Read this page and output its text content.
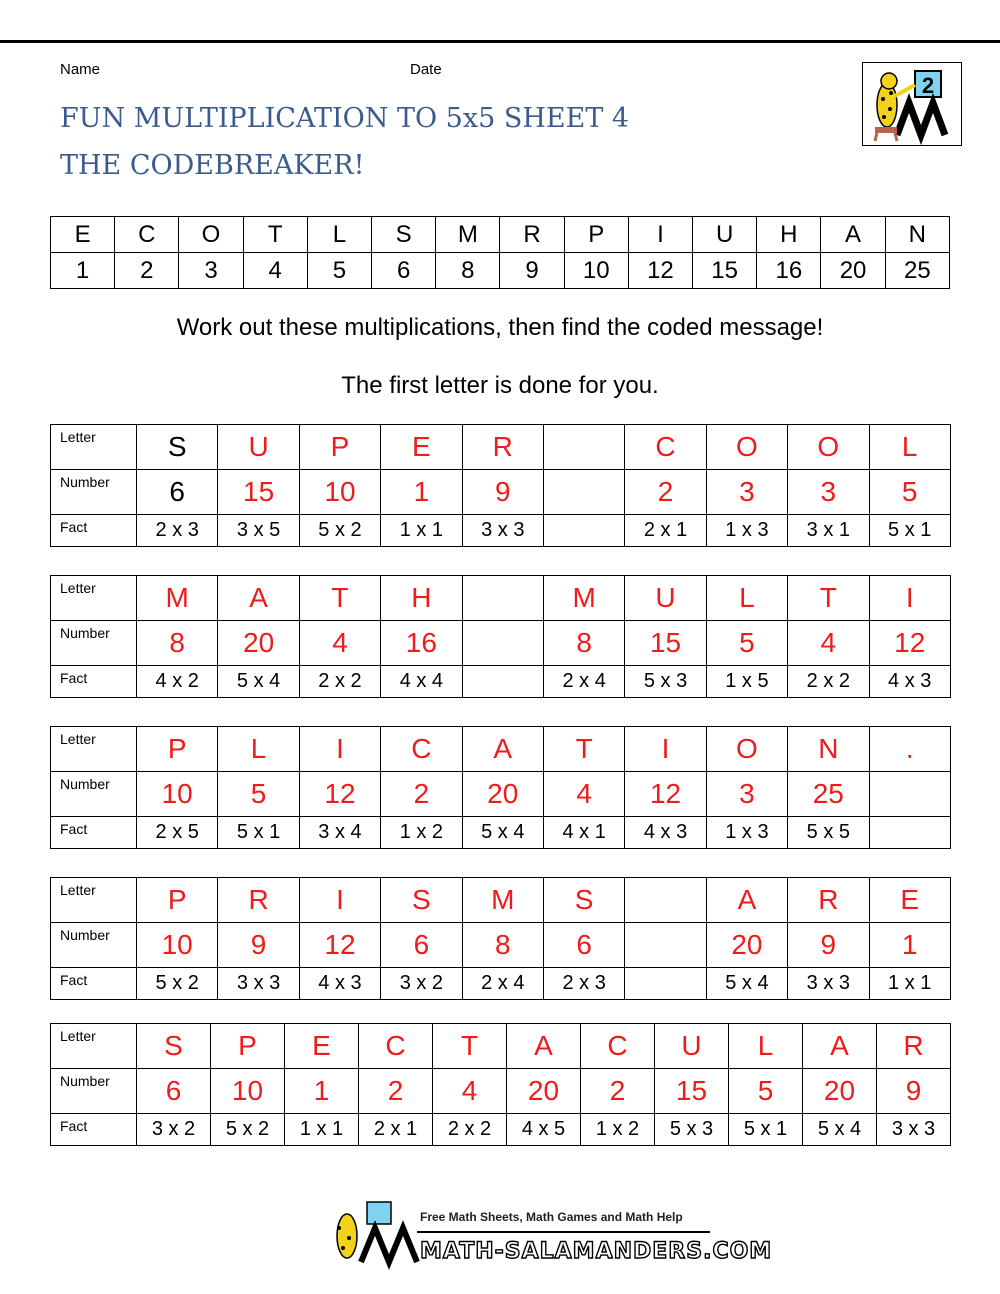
Name	Date
FUN MULTIPLICATION TO 5x5 SHEET 4
THE CODEBREAKER!
2
E	C	O	T	L	S	M	R	P	I	U	H	A	N
1	2	3	4	5	6	8	9	10	12	15	16	20	25
Work out these multiplications, then find the coded message!
The first letter is done for you.
Letter	S	U	P	E	R		C	O	O	L
Number	6	15	10	1	9		2	3	3	5
Fact	2 x 3	3 x 5	5 x 2	1 x 1	3 x 3		2 x 1	1 x 3	3 x 1	5 x 1
Letter	M	A	T	H		M	U	L	T	I
Number	8	20	4	16		8	15	5	4	12
Fact	4 x 2	5 x 4	2 x 2	4 x 4		2 x 4	5 x 3	1 x 5	2 x 2	4 x 3
Letter	P	L	I	C	A	T	I	O	N	.
Number	10	5	12	2	20	4	12	3	25	
Fact	2 x 5	5 x 1	3 x 4	1 x 2	5 x 4	4 x 1	4 x 3	1 x 3	5 x 5	
Letter	P	R	I	S	M	S		A	R	E
Number	10	9	12	6	8	6		20	9	1
Fact	5 x 2	3 x 3	4 x 3	3 x 2	2 x 4	2 x 3		5 x 4	3 x 3	1 x 1
Letter	S	P	E	C	T	A	C	U	L	A	R
Number	6	10	1	2	4	20	2	15	5	20	9
Fact	3 x 2	5 x 2	1 x 1	2 x 1	2 x 2	4 x 5	1 x 2	5 x 3	5 x 1	5 x 4	3 x 3
MATH-SALAMANDERS.COM
Free Math Sheets, Math Games and Math Help
